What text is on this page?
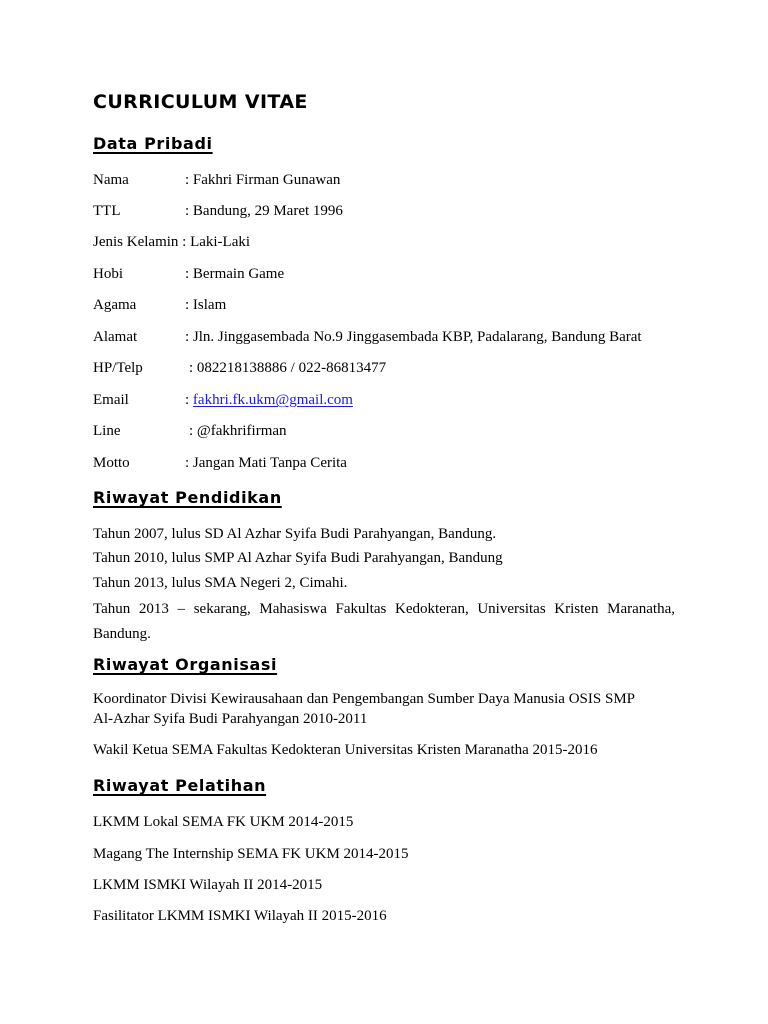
CURRICULUM VITAE
Data Pribadi
Nama	: Fakhri Firman Gunawan
TTL	: Bandung, 29 Maret 1996
Jenis Kelamin : Laki-Laki
Hobi	: Bermain Game
Agama	: Islam
Alamat	: Jln. Jinggasembada No.9 Jinggasembada KBP, Padalarang, Bandung Barat
HP/Telp	: 082218138886 / 022-86813477
Email	: fakhri.fk.ukm@gmail.com
Line	: @fakhrifirman
Motto	: Jangan Mati Tanpa Cerita
Riwayat Pendidikan
Tahun 2007, lulus SD Al Azhar Syifa Budi Parahyangan, Bandung.
Tahun 2010, lulus SMP Al Azhar Syifa Budi Parahyangan, Bandung
Tahun 2013, lulus SMA Negeri 2, Cimahi.
Tahun 2013 – sekarang, Mahasiswa Fakultas Kedokteran, Universitas Kristen Maranatha,
Bandung.
Riwayat Organisasi
Koordinator Divisi Kewirausahaan dan Pengembangan Sumber Daya Manusia OSIS SMP
Al-Azhar Syifa Budi Parahyangan 2010-2011
Wakil Ketua SEMA Fakultas Kedokteran Universitas Kristen Maranatha 2015-2016
Riwayat Pelatihan
LKMM Lokal SEMA FK UKM 2014-2015
Magang The Internship SEMA FK UKM 2014-2015
LKMM ISMKI Wilayah II 2014-2015
Fasilitator LKMM ISMKI Wilayah II 2015-2016
